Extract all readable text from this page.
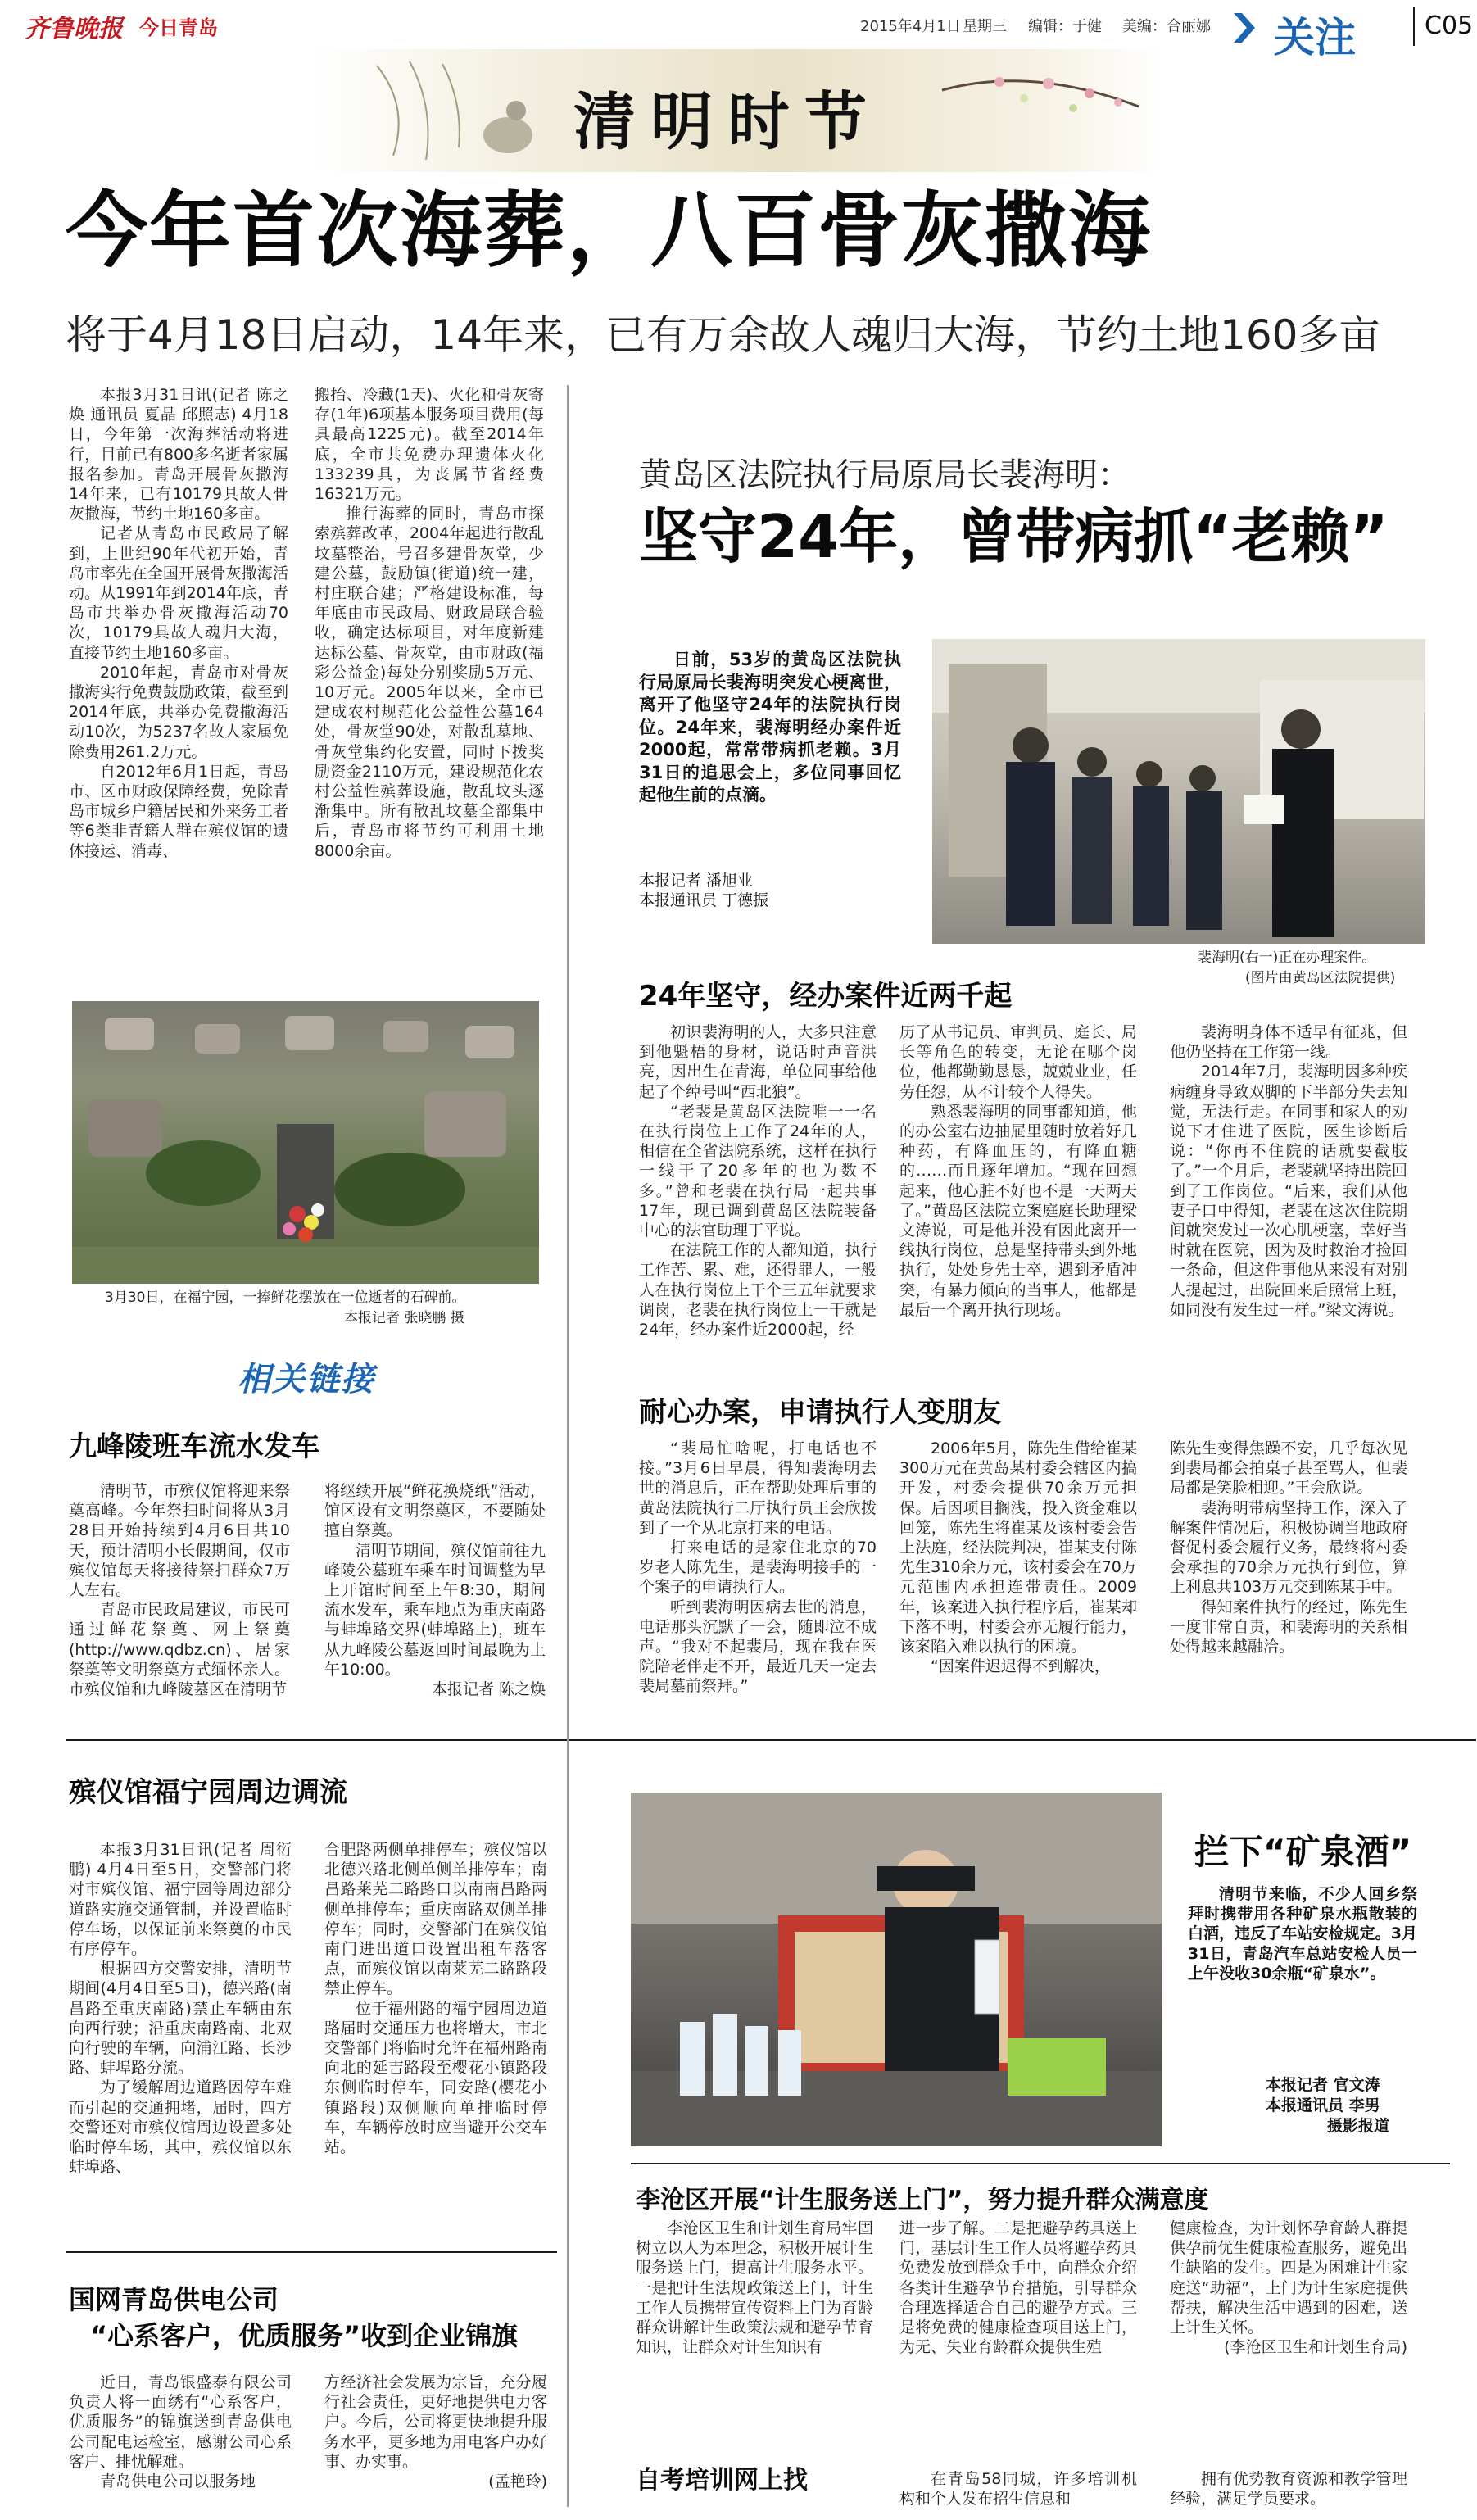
齐鲁晚报 今日青岛	2015年4月1日 星期三 编辑：于健 美编：合丽娜 关注	C05
清明时节
今年首次海葬，八百骨灰撒海
将于4月18日启动，14年来，已有万余故人魂归大海，节约土地160多亩

本报3月31日讯(记者 陈之焕 通讯员 夏晶 邱照志) 4月18日，今年第一次海葬活动将进行，目前已有800多名逝者家属报名参加。青岛开展骨灰撒海14年来，已有10179具故人骨灰撒海，节约土地160多亩。

记者从青岛市民政局了解到，上世纪90年代初开始，青岛市率先在全国开展骨灰撒海活动。从1991年到2014年底，青岛市共举办骨灰撒海活动70次，10179具故人魂归大海，直接节约土地160多亩。

2010年起，青岛市对骨灰撒海实行免费鼓励政策，截至到2014年底，共举办免费撒海活动10次，为5237名故人家属免除费用261.2万元。

自2012年6月1日起，青岛市、区市财政保障经费，免除青岛市城乡户籍居民和外来务工者等6类非青籍人群在殡仪馆的遗体接运、消毒、

搬抬、冷藏(1天)、火化和骨灰寄存(1年)6项基本服务项目费用(每具最高1225元)。截至2014年底，全市共免费办理遗体火化133239具，为丧属节省经费16321万元。

推行海葬的同时，青岛市探索殡葬改革，2004年起进行散乱坟墓整治，号召多建骨灰堂，少建公墓，鼓励镇(街道)统一建，村庄联合建；严格建设标准，每年底由市民政局、财政局联合验收，确定达标项目，对年度新建达标公墓、骨灰堂，由市财政(福彩公益金)每处分别奖励5万元、10万元。2005年以来，全市已建成农村规范化公益性公墓164处，骨灰堂90处，对散乱墓地、骨灰堂集约化安置，同时下拨奖励资金2110万元，建设规范化农村公益性殡葬设施，散乱坟头逐渐集中。所有散乱坟墓全部集中后，青岛市将节约可利用土地8000余亩。

3月30日，在福宁园，一捧鲜花摆放在一位逝者的石碑前。
本报记者 张晓鹏 摄
相关链接
九峰陵班车流水发车

清明节，市殡仪馆将迎来祭奠高峰。今年祭扫时间将从3月28日开始持续到4月6日共10天，预计清明小长假期间，仅市殡仪馆每天将接待祭扫群众7万人左右。

青岛市民政局建议，市民可通过鲜花祭奠、网上祭奠(http://www.qdbz.cn)、居家祭奠等文明祭奠方式缅怀亲人。市殡仪馆和九峰陵墓区在清明节

将继续开展“鲜花换烧纸”活动，馆区设有文明祭奠区，不要随处擅自祭奠。

清明节期间，殡仪馆前往九峰陵公墓班车乘车时间调整为早上开馆时间至上午8:30，期间流水发车，乘车地点为重庆南路与蚌埠路交界(蚌埠路上)，班车从九峰陵公墓返回时间最晚为上午10:00。

本报记者 陈之焕
殡仪馆福宁园周边调流

本报3月31日讯(记者 周衍鹏) 4月4日至5日，交警部门将对市殡仪馆、福宁园等周边部分道路实施交通管制，并设置临时停车场，以保证前来祭奠的市民有序停车。

根据四方交警安排，清明节期间(4月4日至5日)，德兴路(南昌路至重庆南路)禁止车辆由东向西行驶；沿重庆南路南、北双向行驶的车辆，向浦江路、长沙路、蚌埠路分流。

为了缓解周边道路因停车难而引起的交通拥堵，届时，四方交警还对市殡仪馆周边设置多处临时停车场，其中，殡仪馆以东蚌埠路、

合肥路两侧单排停车；殡仪馆以北德兴路北侧单侧单排停车；南昌路莱芜二路路口以南南昌路两侧单排停车；重庆南路双侧单排停车；同时，交警部门在殡仪馆南门进出道口设置出租车落客点，而殡仪馆以南莱芜二路路段禁止停车。

位于福州路的福宁园周边道路届时交通压力也将增大，市北交警部门将临时允许在福州路南向北的延吉路段至樱花小镇路段东侧临时停车，同安路(樱花小镇路段)双侧顺向单排临时停车，车辆停放时应当避开公交车站。

国网青岛供电公司
“心系客户，优质服务”收到企业锦旗

近日，青岛银盛泰有限公司负责人将一面绣有“心系客户，优质服务”的锦旗送到青岛供电公司配电运检室，感谢公司心系客户、排忧解难。

青岛供电公司以服务地

方经济社会发展为宗旨，充分履行社会责任，更好地提供电力客户。今后，公司将更快地提升服务水平，更多地为用电客户办好事、办实事。

(孟艳玲)
黄岛区法院执行局原局长裴海明：
坚守24年，曾带病抓“老赖”

日前，53岁的黄岛区法院执行局原局长裴海明突发心梗离世，离开了他坚守24年的法院执行岗位。24年来，裴海明经办案件近2000起，常常带病抓老赖。3月31日的追思会上，多位同事回忆起他生前的点滴。

本报记者 潘旭业
本报通讯员 丁德振
裴海明(右一)正在办理案件。
(图片由黄岛区法院提供)
24年坚守，经办案件近两千起

初识裴海明的人，大多只注意到他魁梧的身材，说话时声音洪亮，因出生在青海，单位同事给他起了个绰号叫“西北狼”。

“老裴是黄岛区法院唯一一名在执行岗位上工作了24年的人，相信在全省法院系统，这样在执行一线干了20多年的也为数不多。”曾和老裴在执行局一起共事17年，现已调到黄岛区法院装备中心的法官助理丁平说。

在法院工作的人都知道，执行工作苦、累、难，还得罪人，一般人在执行岗位上干个三五年就要求调岗，老裴在执行岗位上一干就是24年，经办案件近2000起，经

历了从书记员、审判员、庭长、局长等角色的转变，无论在哪个岗位，他都勤勤恳恳，兢兢业业，任劳任怨，从不计较个人得失。

熟悉裴海明的同事都知道，他的办公室右边抽屉里随时放着好几种药，有降血压的，有降血糖的……而且逐年增加。“现在回想起来，他心脏不好也不是一天两天了。”黄岛区法院立案庭庭长助理梁文涛说，可是他并没有因此离开一线执行岗位，总是坚持带头到外地执行，处处身先士卒，遇到矛盾冲突，有暴力倾向的当事人，他都是最后一个离开执行现场。

裴海明身体不适早有征兆，但他仍坚持在工作第一线。

2014年7月，裴海明因多种疾病缠身导致双脚的下半部分失去知觉，无法行走。在同事和家人的劝说下才住进了医院，医生诊断后说：“你再不住院的话就要截肢了。”一个月后，老裴就坚持出院回到了工作岗位。“后来，我们从他妻子口中得知，老裴在这次住院期间就突发过一次心肌梗塞，幸好当时就在医院，因为及时救治才捡回一条命，但这件事他从来没有对别人提起过，出院回来后照常上班，如同没有发生过一样。”梁文涛说。

耐心办案，申请执行人变朋友

“裴局忙啥呢，打电话也不接。”3月6日早晨，得知裴海明去世的消息后，正在帮助处理后事的黄岛法院执行二厅执行员王会欣拨到了一个从北京打来的电话。

打来电话的是家住北京的70岁老人陈先生，是裴海明接手的一个案子的申请执行人。

听到裴海明因病去世的消息，电话那头沉默了一会，随即泣不成声。“我对不起裴局，现在我在医院陪老伴走不开，最近几天一定去裴局墓前祭拜。”

2006年5月，陈先生借给崔某300万元在黄岛某村委会辖区内搞开发，村委会提供70余万元担保。后因项目搁浅，投入资金难以回笼，陈先生将崔某及该村委会告上法庭，经法院判决，崔某支付陈先生310余万元，该村委会在70万元范围内承担连带责任。2009年，该案进入执行程序后，崔某却下落不明，村委会亦无履行能力，该案陷入难以执行的困境。

“因案件迟迟得不到解决，

陈先生变得焦躁不安，几乎每次见到裴局都会拍桌子甚至骂人，但裴局都是笑脸相迎。”王会欣说。

裴海明带病坚持工作，深入了解案件情况后，积极协调当地政府督促村委会履行义务，最终将村委会承担的70余万元执行到位，算上利息共103万元交到陈某手中。

得知案件执行的经过，陈先生一度非常自责，和裴海明的关系相处得越来越融洽。

拦下“矿泉酒”

清明节来临，不少人回乡祭拜时携带用各种矿泉水瓶散装的白酒，违反了车站安检规定。3月31日，青岛汽车总站安检人员一上午没收30余瓶“矿泉水”。

本报记者 官文涛
本报通讯员 李男
摄影报道
李沧区开展“计生服务送上门”，努力提升群众满意度

李沧区卫生和计划生育局牢固树立以人为本理念，积极开展计生服务送上门，提高计生服务水平。一是把计生法规政策送上门，计生工作人员携带宣传资料上门为育龄群众讲解计生政策法规和避孕节育知识，让群众对计生知识有

进一步了解。二是把避孕药具送上门，基层计生工作人员将避孕药具免费发放到群众手中，向群众介绍各类计生避孕节育措施，引导群众合理选择适合自己的避孕方式。三是将免费的健康检查项目送上门，为无、失业育龄群众提供生殖

健康检查，为计划怀孕育龄人群提供孕前优生健康检查服务，避免出生缺陷的发生。四是为困难计生家庭送“助福”，上门为计生家庭提供帮扶，解决生活中遇到的困难，送上计生关怀。

(李沧区卫生和计划生育局)
自考培训网上找	在青岛58同城，许多培训机构和个人发布招生信息和

拥有优势教育资源和教学管理经验，满足学员要求。
